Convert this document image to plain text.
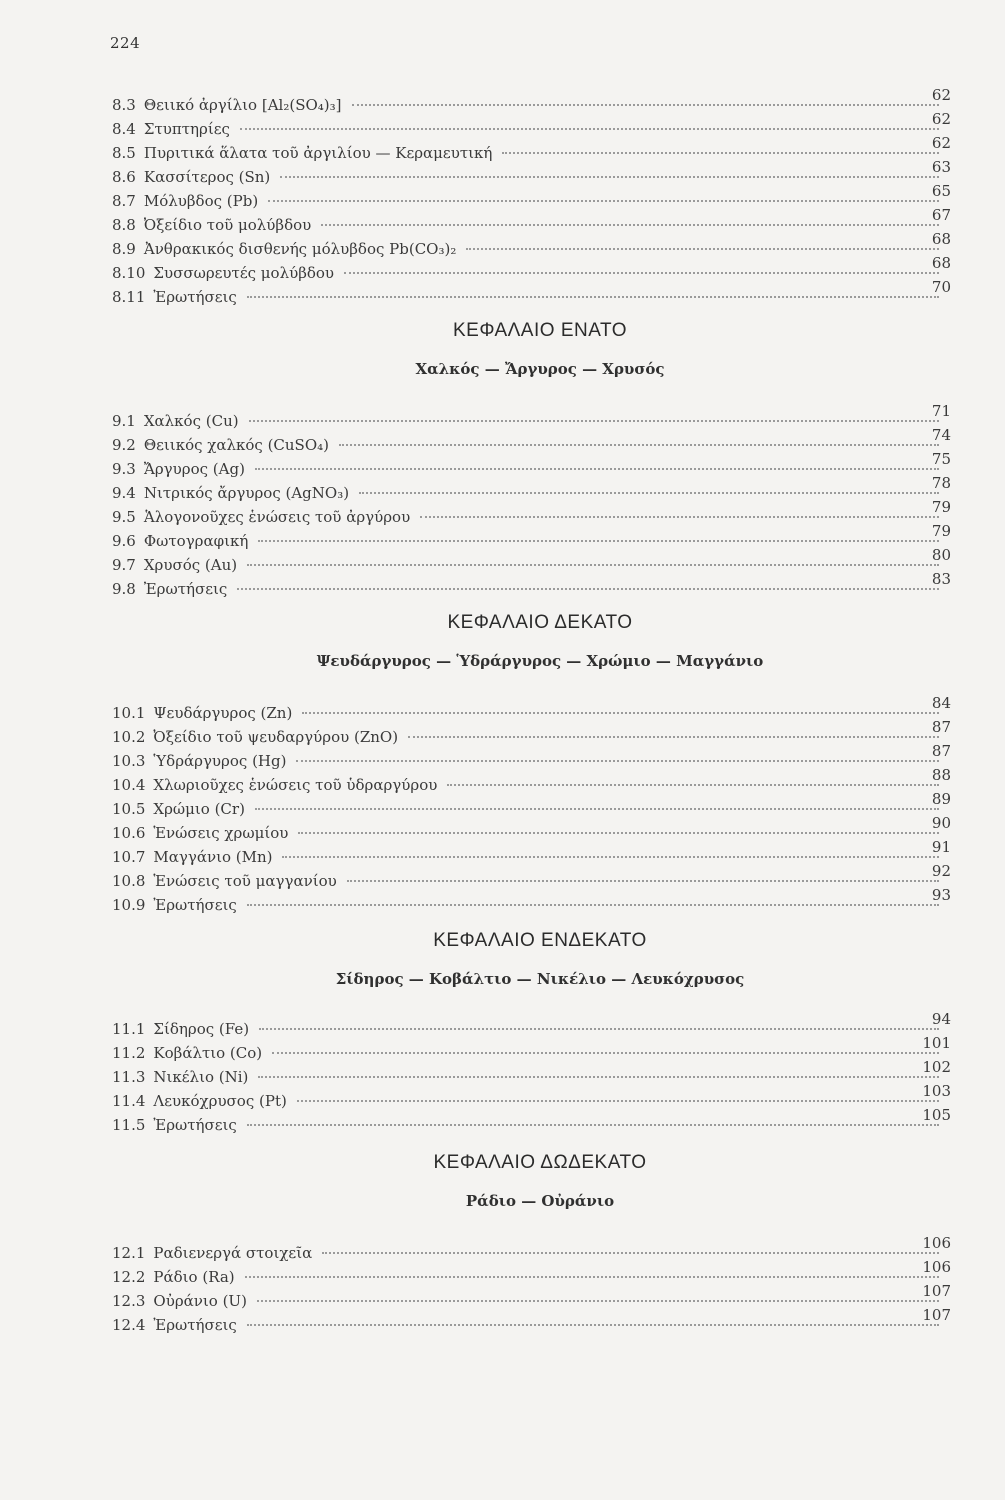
224
8.3 Θειικό ἀργίλιο [Al₂(SO₄)₃]
62
8.4 Στυπτηρίες
62
8.5 Πυριτικά ἅλατα τοῦ ἀργιλίου — Κεραμευτική
62
8.6 Κασσίτερος (Sn)
63
8.7 Μόλυβδος (Pb)
65
8.8 Ὀξείδιο τοῦ μολύβδου
67
8.9 Ἀνθρακικός δισθενής μόλυβδος Pb(CO₃)₂
68
8.10 Συσσωρευτές μολύβδου
68
8.11 Ἐρωτήσεις
70
ΚΕΦΑΛΑΙΟ ΕΝΑΤΟ
Χαλκός — Ἄργυρος — Χρυσός
9.1 Χαλκός (Cu)
71
9.2 Θειικός χαλκός (CuSO₄)
74
9.3 Ἄργυρος (Ag)
75
9.4 Νιτρικός ἄργυρος (AgNO₃)
78
9.5 Ἁλογονοῦχες ἑνώσεις τοῦ ἀργύρου
79
9.6 Φωτογραφική
79
9.7 Χρυσός (Au)
80
9.8 Ἐρωτήσεις
83
ΚΕΦΑΛΑΙΟ ΔΕΚΑΤΟ
Ψευδάργυρος — Ὑδράργυρος — Χρώμιο — Μαγγάνιο
10.1 Ψευδάργυρος (Zn)
84
10.2 Ὀξείδιο τοῦ ψευδαργύρου (ZnO)
87
10.3 Ὑδράργυρος (Hg)
87
10.4 Χλωριοῦχες ἑνώσεις τοῦ ὑδραργύρου
88
10.5 Χρώμιο (Cr)
89
10.6 Ἑνώσεις χρωμίου
90
10.7 Μαγγάνιο (Mn)
91
10.8 Ἑνώσεις τοῦ μαγγανίου
92
10.9 Ἐρωτήσεις
93
ΚΕΦΑΛΑΙΟ ΕΝΔΕΚΑΤΟ
Σίδηρος — Κοβάλτιο — Νικέλιο — Λευκόχρυσος
11.1 Σίδηρος (Fe)
94
11.2 Κοβάλτιο (Co)
101
11.3 Νικέλιο (Ni)
102
11.4 Λευκόχρυσος (Pt)
103
11.5 Ἐρωτήσεις
105
ΚΕΦΑΛΑΙΟ ΔΩΔΕΚΑΤΟ
Ράδιο — Οὐράνιο
12.1 Ραδιενεργά στοιχεῖα
106
12.2 Ράδιο (Ra)
106
12.3 Οὐράνιο (U)
107
12.4 Ἐρωτήσεις
107
